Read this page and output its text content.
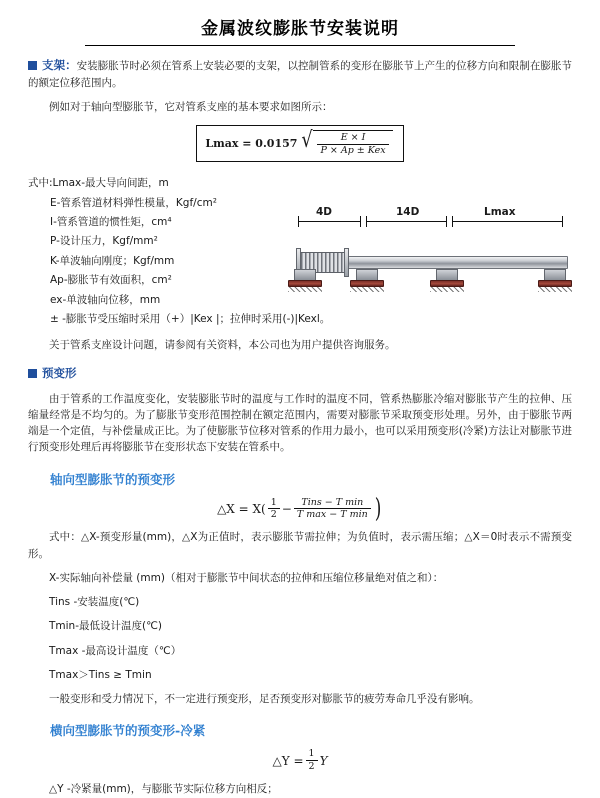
金属波纹膨胀节安装说明

支架：安装膨胀节时必须在管系上安装必要的支架，以控制管系的变形在膨胀节上产生的位移方向和限制在膨胀节的额定位移范围内。

例如对于轴向型膨胀节，它对管系支座的基本要求如图所示：

Lmax = 0.0157 √ $\frac{E \times I}{\text{P × Ap ± Kex}}$
式中:Lmax-最大导向间距，m
E-管系管道材料弹性模量，Kgf/cm²
I-管系管道的惯性矩，cm⁴
P-设计压力，Kgf/mm²
K-单波轴向刚度；Kgf/mm
Ap-膨胀节有效面积，cm²
ex-单波轴向位移，mm
± -膨胀节受压缩时采用（+）|Kex |；拉伸时采用(-)|Kexl。

关于管系支座设计问题，请参阅有关资料，本公司也为用户提供咨询服务。

预变形

由于管系的工作温度变化，安装膨胀节时的温度与工作时的温度不同，管系热膨胀冷缩对膨胀节产生的拉伸、压缩量经常是不均匀的。为了膨胀节变形范围控制在额定范围内，需要对膨胀节采取预变形处理。另外，由于膨胀节两端是一个定值，与补偿量成正比。为了使膨胀节位移对管系的作用力最小，也可以采用预变形(冷紧)方法让对膨胀节进行预变形处理后再将膨胀节在变形状态下安装在管系中。

轴向型膨胀节的预变形
△X = $X( \frac{1}{2} - \frac{\text{Tins − T min}}{\text{T max − T min}}$ )

式中：△X-预变形量(mm)，△X为正值时，表示膨胀节需拉伸；为负值时，表示需压缩；△X＝0时表示不需预变形。

X-实际轴向补偿量 (mm)（相对于膨胀节中间状态的拉伸和压缩位移量绝对值之和）：

Tins -安装温度(℃)

Tmin-最低设计温度(℃)

Tmax -最高设计温度（℃）

Tmax＞Tins ≥ Tmin

一般变形和受力情况下，不一定进行预变形，足否预变形对膨胀节的疲劳寿命几乎没有影响。

横向型膨胀节的预变形-冷紧
△Y = $\frac{1}{2}$ Y

△Y -冷紧量(mm)，与膨胀节实际位移方向相反；

4D	14D	Lmax
